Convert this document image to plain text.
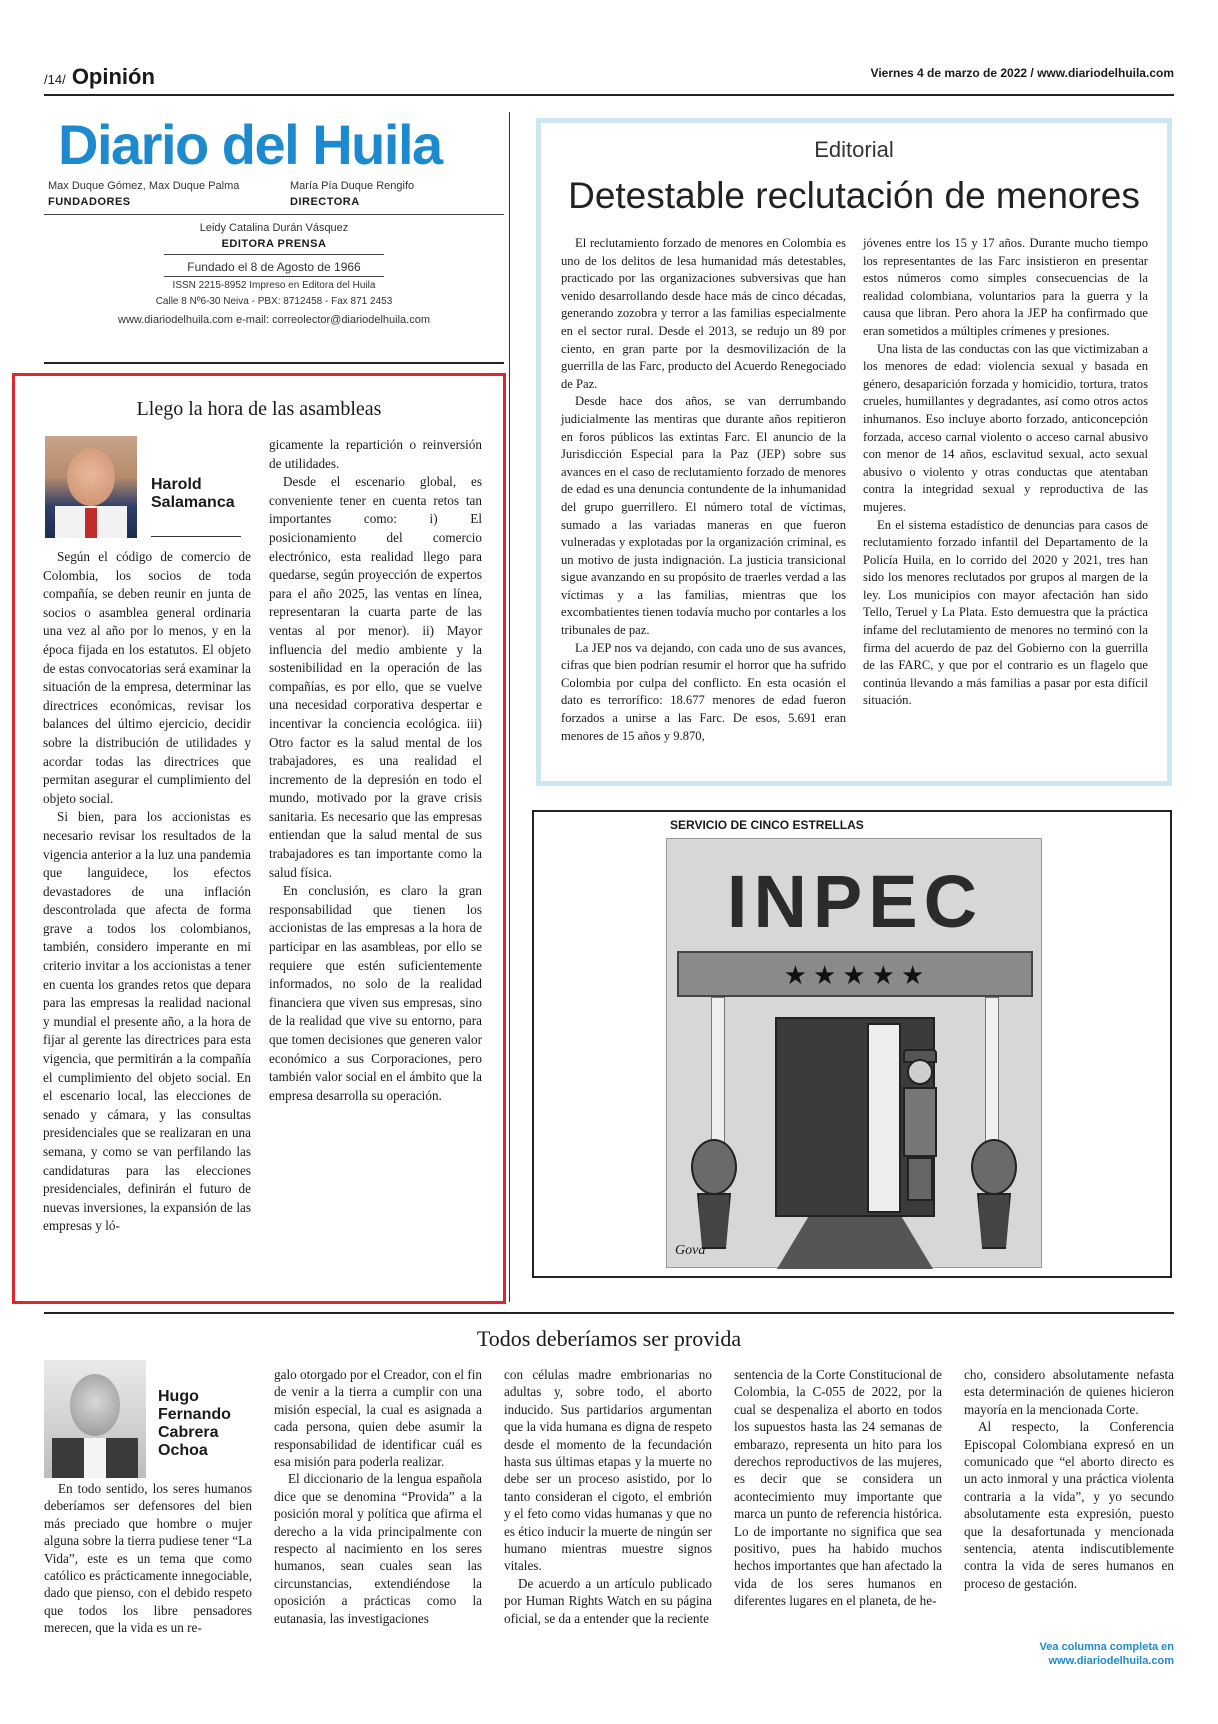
/14/ Opinión	Viernes 4 de marzo de 2022 / www.diariodelhuila.com
Diario del Huila
Max Duque Gómez, Max Duque Palma
FUNDADORES
María Pía Duque Rengifo
DIRECTORA
Leidy Catalina Durán Vásquez
EDITORA PRENSA
Fundado el 8 de Agosto de 1966
ISSN 2215-8952 Impreso en Editora del Huila
Calle 8 Nº6-30 Neiva - PBX: 8712458 - Fax 871 2453
www.diariodelhuila.com e-mail: correolector@diariodelhuila.com
Editorial
Detestable reclutación de menores

El reclutamiento forzado de menores en Colombia es uno de los delitos de lesa humanidad más detestables, practicado por las organizaciones subversivas que han venido desarrollando desde hace más de cinco décadas, generando zozobra y terror a las familias especialmente en el sector rural. Desde el 2013, se redujo un 89 por ciento, en gran parte por la desmovilización de la guerrilla de las Farc, producto del Acuerdo Renegociado de Paz.

Desde hace dos años, se van derrumbando judicialmente las mentiras que durante años repitieron en foros públicos las extintas Farc. El anuncio de la Jurisdicción Especial para la Paz (JEP) sobre sus avances en el caso de reclutamiento forzado de menores de edad es una denuncia contundente de la inhumanidad del grupo guerrillero. El número total de víctimas, sumado a las variadas maneras en que fueron vulneradas y explotadas por la organización criminal, es un motivo de justa indignación. La justicia transicional sigue avanzando en su propósito de traerles verdad a las víctimas y a las familias, mientras que los excombatientes tienen todavía mucho por contarles a los tribunales de paz.

La JEP nos va dejando, con cada uno de sus avances, cifras que bien podrían resumir el horror que ha sufrido Colombia por culpa del conflicto. En esta ocasión el dato es terrorífico: 18.677 menores de edad fueron forzados a unirse a las Farc. De esos, 5.691 eran menores de 15 años y 9.870,

jóvenes entre los 15 y 17 años. Durante mucho tiempo los representantes de las Farc insistieron en presentar estos números como simples consecuencias de la realidad colombiana, voluntarios para la guerra y la causa que libran. Pero ahora la JEP ha confirmado que eran sometidos a múltiples crímenes y presiones.

Una lista de las conductas con las que victimizaban a los menores de edad: violencia sexual y basada en género, desaparición forzada y homicidio, tortura, tratos crueles, humillantes y degradantes, así como otros actos inhumanos. Eso incluye aborto forzado, anticoncepción forzada, acceso carnal violento o acceso carnal abusivo con menor de 14 años, esclavitud sexual, acto sexual abusivo o violento y otras conductas que atentaban contra la integridad sexual y reproductiva de las mujeres.

En el sistema estadístico de denuncias para casos de reclutamiento forzado infantil del Departamento de la Policía Huila, en lo corrido del 2020 y 2021, tres han sido los menores reclutados por grupos al margen de la ley. Los municipios con mayor afectación han sido Tello, Teruel y La Plata. Esto demuestra que la práctica infame del reclutamiento de menores no terminó con la firma del acuerdo de paz del Gobierno con la guerrilla de las FARC, y que por el contrario es un flagelo que continúa llevando a más familias a pasar por esta difícil situación.

Llego la hora de las asambleas
Harold Salamanca

Según el código de comercio de Colombia, los socios de toda compañía, se deben reunir en junta de socios o asamblea general ordinaria una vez al año por lo menos, y en la época fijada en los estatutos. El objeto de estas convocatorias será examinar la situación de la empresa, determinar las directrices económicas, revisar los balances del último ejercicio, decidir sobre la distribución de utilidades y acordar todas las directrices que permitan asegurar el cumplimiento del objeto social.

Si bien, para los accionistas es necesario revisar los resultados de la vigencia anterior a la luz una pandemia que languidece, los efectos devastadores de una inflación descontrolada que afecta de forma grave a todos los colombianos, también, considero imperante en mi criterio invitar a los accionistas a tener en cuenta los grandes retos que depara para las empresas la realidad nacional y mundial el presente año, a la hora de fijar al gerente las directrices para esta vigencia, que permitirán a la compañía el cumplimiento del objeto social. En el escenario local, las elecciones de senado y cámara, y las consultas presidenciales que se realizaran en una semana, y como se van perfilando las candidaturas para las elecciones presidenciales, definirán el futuro de nuevas inversiones, la expansión de las empresas y ló-

gicamente la repartición o reinversión de utilidades.

Desde el escenario global, es conveniente tener en cuenta retos tan importantes como: i) El posicionamiento del comercio electrónico, esta realidad llego para quedarse, según proyección de expertos para el año 2025, las ventas en línea, representaran la cuarta parte de las ventas al por menor). ii) Mayor influencia del medio ambiente y la sostenibilidad en la operación de las compañías, es por ello, que se vuelve una necesidad corporativa despertar e incentivar la conciencia ecológica. iii) Otro factor es la salud mental de los trabajadores, es una realidad el incremento de la depresión en todo el mundo, motivado por la grave crisis sanitaria. Es necesario que las empresas entiendan que la salud mental de sus trabajadores es tan importante como la salud física.

En conclusión, es claro la gran responsabilidad que tienen los accionistas de las empresas a la hora de participar en las asambleas, por ello se requiere que estén suficientemente informados, no solo de la realidad financiera que viven sus empresas, sino de la realidad que vive su entorno, para que tomen decisiones que generen valor económico a sus Corporaciones, pero también valor social en el ámbito que la empresa desarrolla su operación.

SERVICIO DE CINCO ESTRELLAS
INPEC
★★★★★
Gova
Todos deberíamos ser provida
Hugo Fernando Cabrera Ochoa

En todo sentido, los seres humanos deberíamos ser defensores del bien más preciado que hombre o mujer alguna sobre la tierra pudiese tener “La Vida”, este es un tema que como católico es prácticamente innegociable, dado que pienso, con el debido respeto que todos los libre pensadores merecen, que la vida es un re-

galo otorgado por el Creador, con el fin de venir a la tierra a cumplir con una misión especial, la cual es asignada a cada persona, quien debe asumir la responsabilidad de identificar cuál es esa misión para poderla realizar.

El diccionario de la lengua española dice que se denomina “Provida” a la posición moral y política que afirma el derecho a la vida principalmente con respecto al nacimiento en los seres humanos, sean cuales sean las circunstancias, extendiéndose la oposición a prácticas como la eutanasia, las investigaciones

con células madre embrionarias no adultas y, sobre todo, el aborto inducido. Sus partidarios argumentan que la vida humana es digna de respeto desde el momento de la fecundación hasta sus últimas etapas y la muerte no debe ser un proceso asistido, por lo tanto consideran el cigoto, el embrión y el feto como vidas humanas y que no es ético inducir la muerte de ningún ser humano mientras muestre signos vitales.

De acuerdo a un artículo publicado por Human Rights Watch en su página oficial, se da a entender que la reciente

sentencia de la Corte Constitucional de Colombia, la C-055 de 2022, por la cual se despenaliza el aborto en todos los supuestos hasta las 24 semanas de embarazo, representa un hito para los derechos reproductivos de las mujeres, es decir que se considera un acontecimiento muy importante que marca un punto de referencia histórica. Lo de importante no significa que sea positivo, pues ha habido muchos hechos importantes que han afectado la vida de los seres humanos en diferentes lugares en el planeta, de he-

cho, considero absolutamente nefasta esta determinación de quienes hicieron mayoría en la mencionada Corte.

Al respecto, la Conferencia Episcopal Colombiana expresó en un comunicado que “el aborto directo es un acto inmoral y una práctica violenta contraria a la vida”, y yo secundo absolutamente esta expresión, puesto que la desafortunada y mencionada sentencia, atenta indiscutiblemente contra la vida de seres humanos en proceso de gestación.

Vea columna completa en
www.diariodelhuila.com
